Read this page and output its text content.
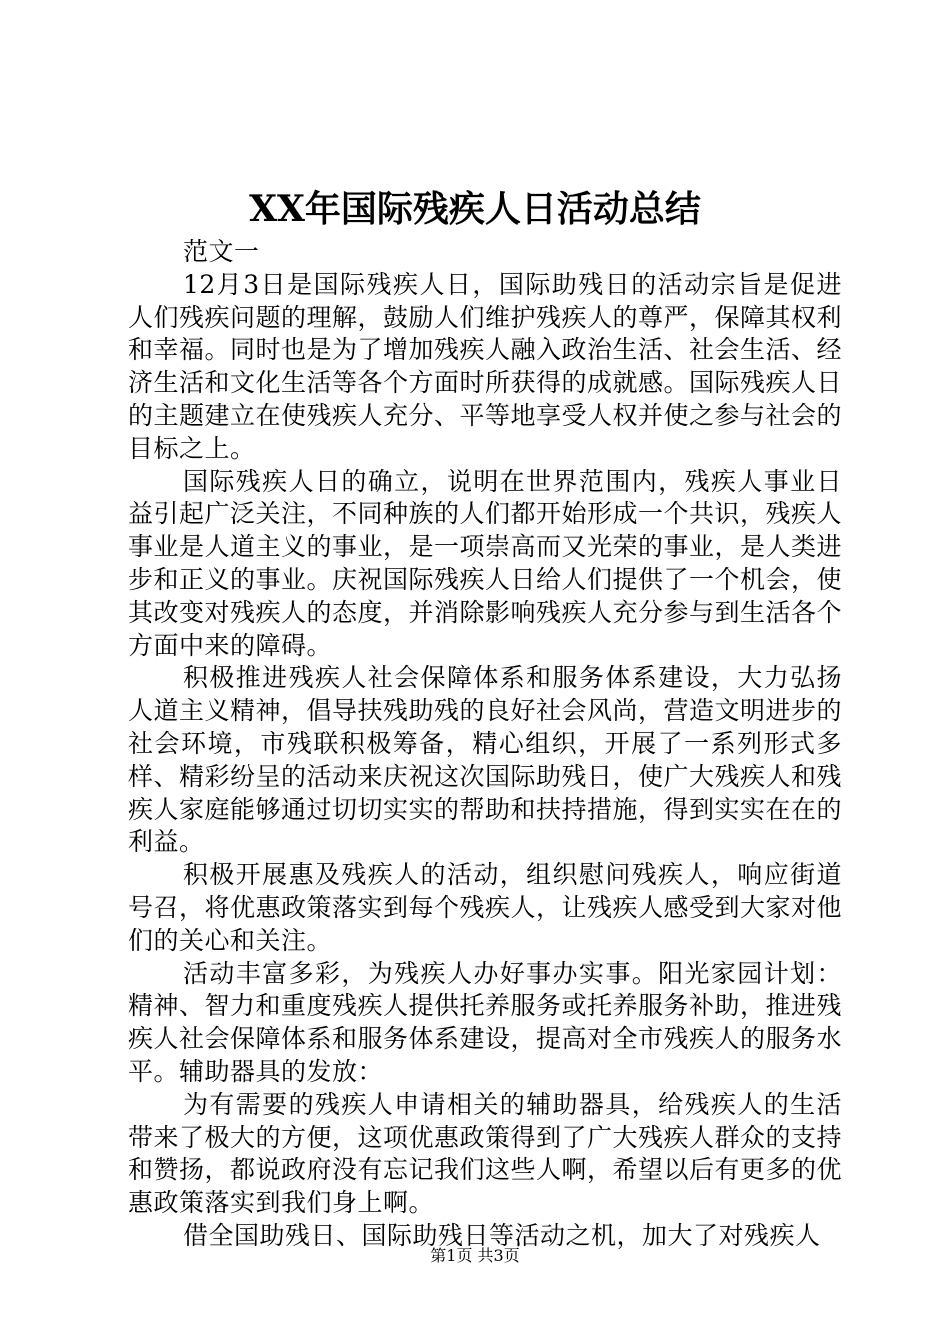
XX年国际残疾人日活动总结

范文一

12月3日是国际残疾人日，国际助残日的活动宗旨是促进人们残疾问题的理解，鼓励人们维护残疾人的尊严，保障其权利和幸福。同时也是为了增加残疾人融入政治生活、社会生活、经济生活和文化生活等各个方面时所获得的成就感。国际残疾人日的主题建立在使残疾人充分、平等地享受人权并使之参与社会的目标之上。

国际残疾人日的确立，说明在世界范围内，残疾人事业日益引起广泛关注，不同种族的人们都开始形成一个共识，残疾人事业是人道主义的事业，是一项崇高而又光荣的事业，是人类进步和正义的事业。庆祝国际残疾人日给人们提供了一个机会，使其改变对残疾人的态度，并消除影响残疾人充分参与到生活各个方面中来的障碍。

积极推进残疾人社会保障体系和服务体系建设，大力弘扬人道主义精神，倡导扶残助残的良好社会风尚，营造文明进步的社会环境，市残联积极筹备，精心组织，开展了一系列形式多样、精彩纷呈的活动来庆祝这次国际助残日，使广大残疾人和残疾人家庭能够通过切切实实的帮助和扶持措施，得到实实在在的利益。

积极开展惠及残疾人的活动，组织慰问残疾人，响应街道号召，将优惠政策落实到每个残疾人，让残疾人感受到大家对他们的关心和关注。

活动丰富多彩，为残疾人办好事办实事。阳光家园计划：精神、智力和重度残疾人提供托养服务或托养服务补助，推进残疾人社会保障体系和服务体系建设，提高对全市残疾人的服务水平。辅助器具的发放：

为有需要的残疾人申请相关的辅助器具，给残疾人的生活带来了极大的方便，这项优惠政策得到了广大残疾人群众的支持和赞扬，都说政府没有忘记我们这些人啊，希望以后有更多的优惠政策落实到我们身上啊。

借全国助残日、国际助残日等活动之机，加大了对残疾人

第1页 共3页
